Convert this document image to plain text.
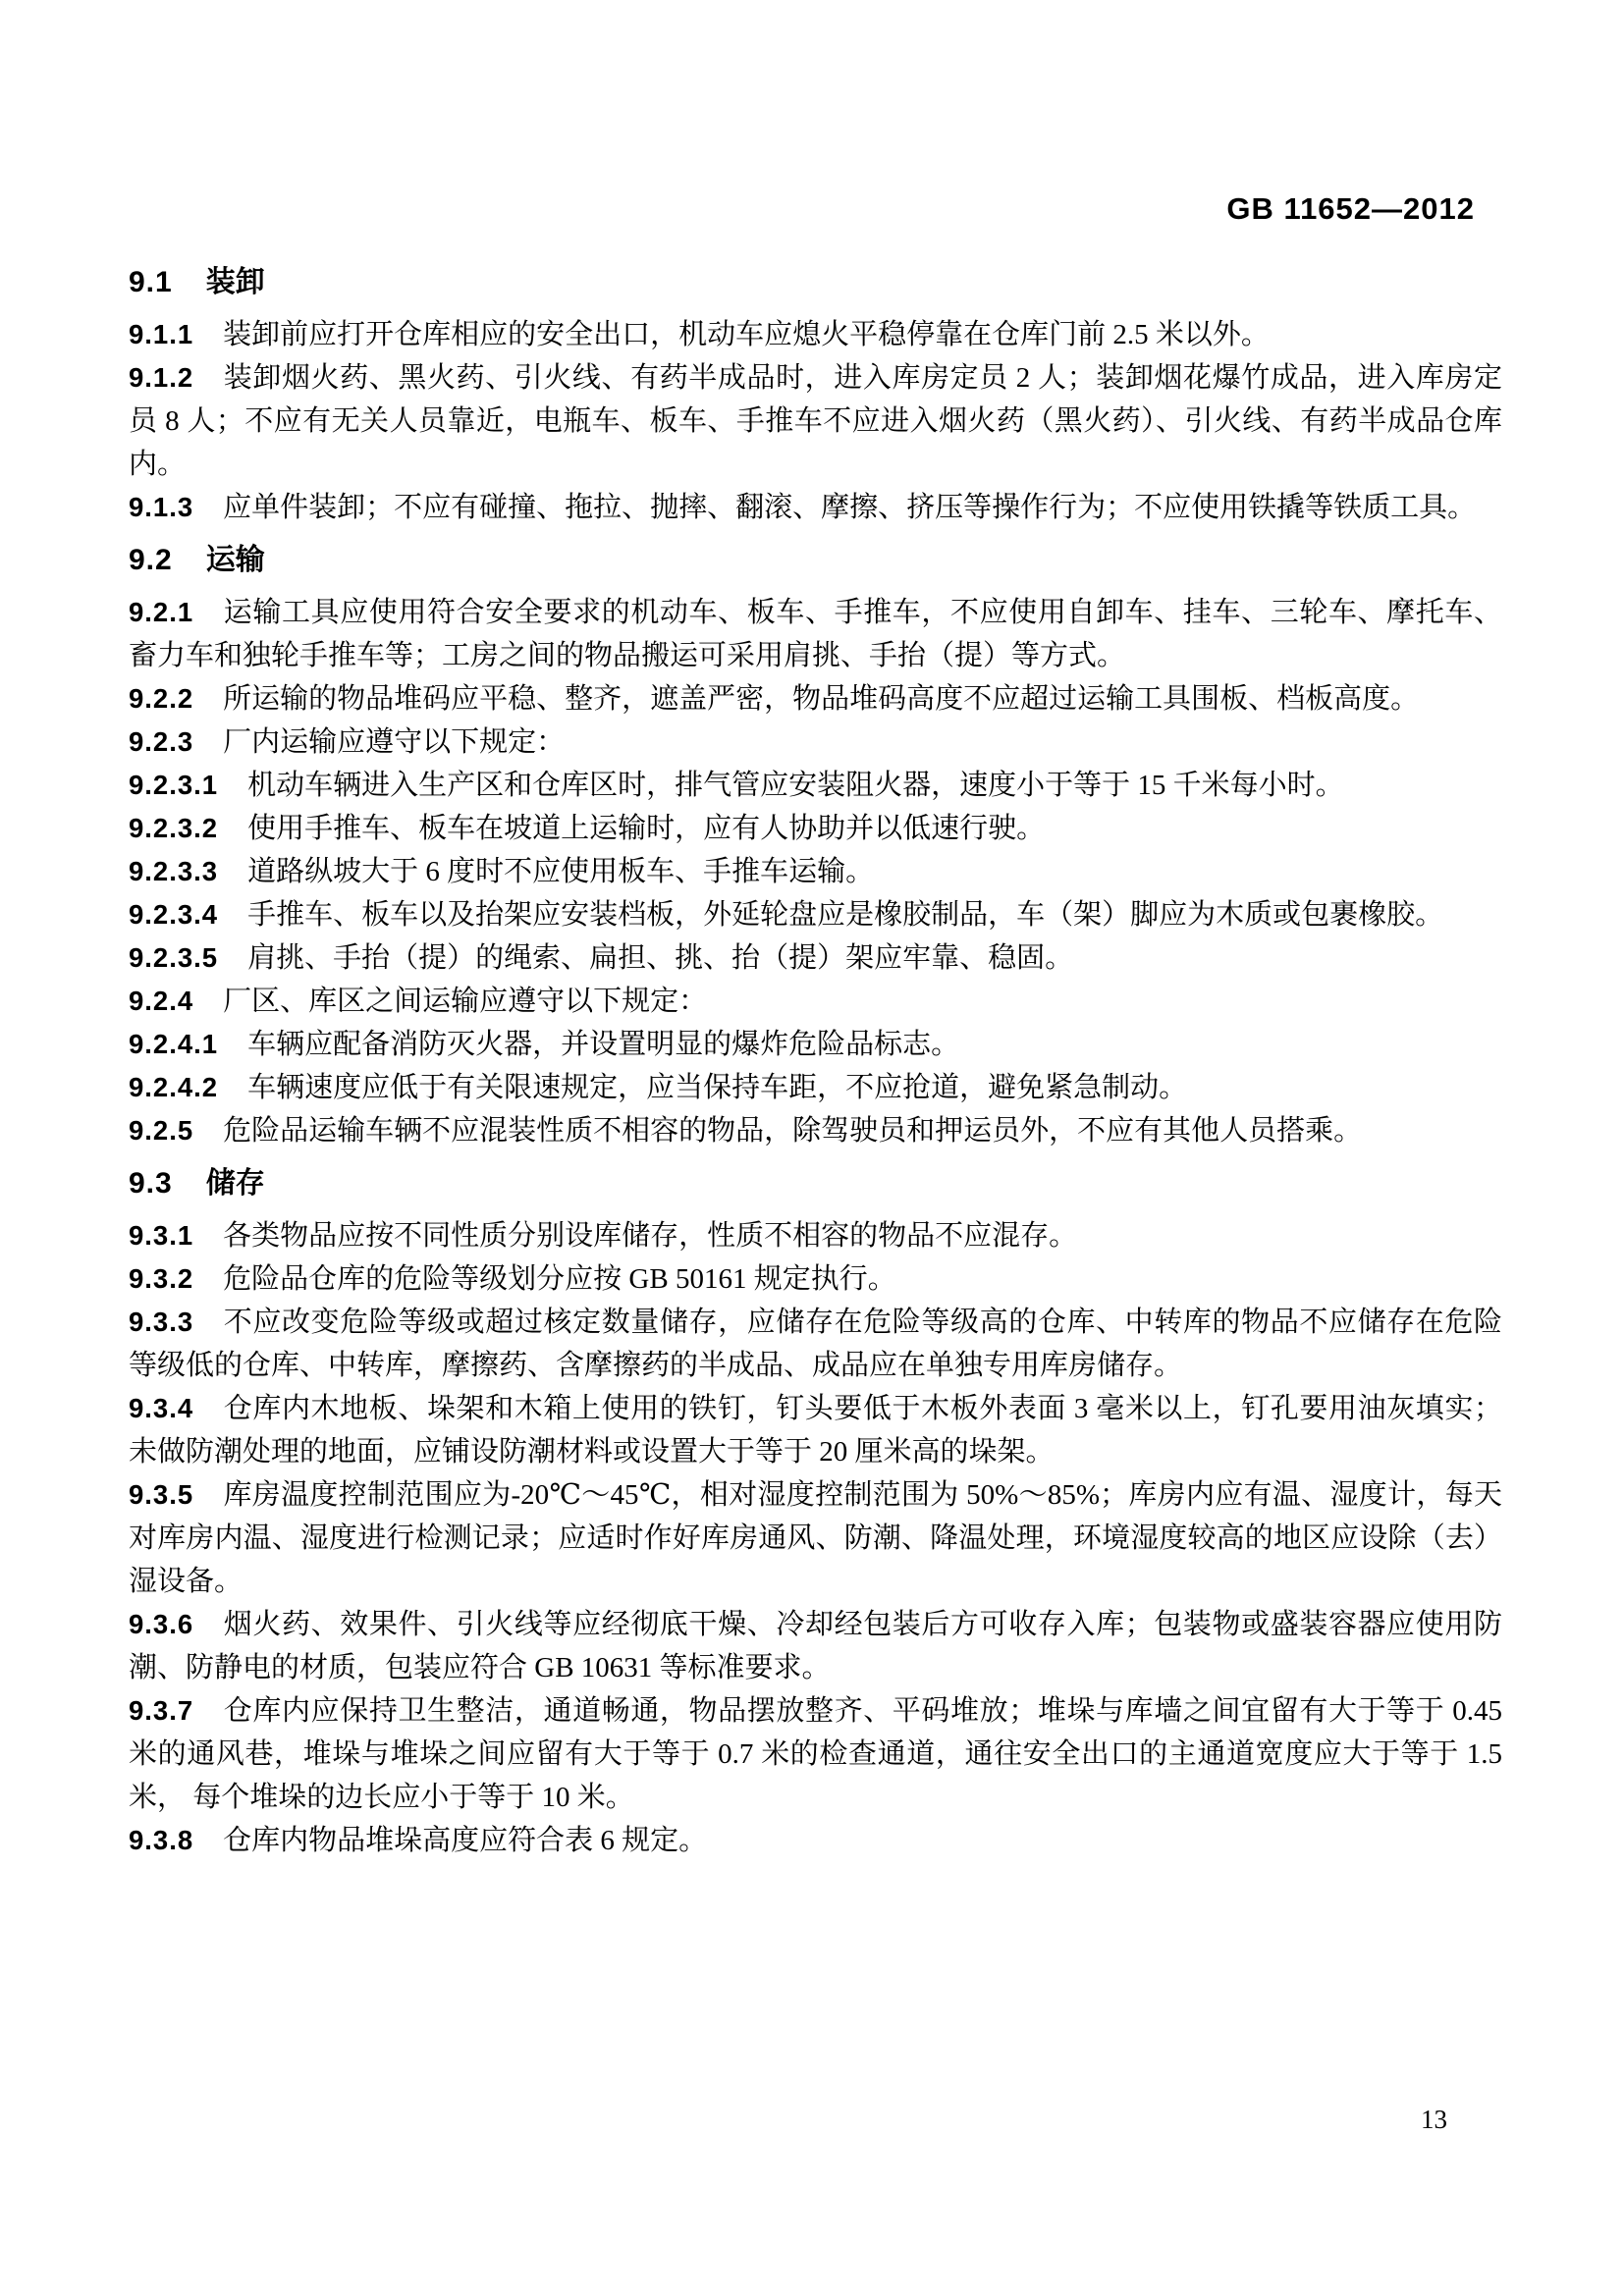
GB 11652—2012

9.1 装卸

9.1.1 装卸前应打开仓库相应的安全出口，机动车应熄火平稳停靠在仓库门前 2.5 米以外。

9.1.2 装卸烟火药、黑火药、引火线、有药半成品时，进入库房定员 2 人；装卸烟花爆竹成品，进入库房定员 8 人；不应有无关人员靠近，电瓶车、板车、手推车不应进入烟火药（黑火药）、引火线、有药半成品仓库内。

9.1.3 应单件装卸；不应有碰撞、拖拉、抛摔、翻滚、摩擦、挤压等操作行为；不应使用铁撬等铁质工具。

9.2 运输

9.2.1 运输工具应使用符合安全要求的机动车、板车、手推车，不应使用自卸车、挂车、三轮车、摩托车、畜力车和独轮手推车等；工房之间的物品搬运可采用肩挑、手抬（提）等方式。

9.2.2 所运输的物品堆码应平稳、整齐，遮盖严密，物品堆码高度不应超过运输工具围板、档板高度。

9.2.3 厂内运输应遵守以下规定：

9.2.3.1 机动车辆进入生产区和仓库区时，排气管应安装阻火器，速度小于等于 15 千米每小时。

9.2.3.2 使用手推车、板车在坡道上运输时，应有人协助并以低速行驶。

9.2.3.3 道路纵坡大于 6 度时不应使用板车、手推车运输。

9.2.3.4 手推车、板车以及抬架应安装档板，外延轮盘应是橡胶制品，车（架）脚应为木质或包裹橡胶。

9.2.3.5 肩挑、手抬（提）的绳索、扁担、挑、抬（提）架应牢靠、稳固。

9.2.4 厂区、库区之间运输应遵守以下规定：

9.2.4.1 车辆应配备消防灭火器，并设置明显的爆炸危险品标志。

9.2.4.2 车辆速度应低于有关限速规定，应当保持车距，不应抢道，避免紧急制动。

9.2.5 危险品运输车辆不应混装性质不相容的物品，除驾驶员和押运员外，不应有其他人员搭乘。

9.3 储存

9.3.1 各类物品应按不同性质分别设库储存，性质不相容的物品不应混存。

9.3.2 危险品仓库的危险等级划分应按 GB 50161 规定执行。

9.3.3 不应改变危险等级或超过核定数量储存，应储存在危险等级高的仓库、中转库的物品不应储存在危险等级低的仓库、中转库，摩擦药、含摩擦药的半成品、成品应在单独专用库房储存。

9.3.4 仓库内木地板、垛架和木箱上使用的铁钉，钉头要低于木板外表面 3 毫米以上，钉孔要用油灰填实；未做防潮处理的地面，应铺设防潮材料或设置大于等于 20 厘米高的垛架。

9.3.5 库房温度控制范围应为-20℃～45℃，相对湿度控制范围为 50%～85%；库房内应有温、湿度计，每天对库房内温、湿度进行检测记录；应适时作好库房通风、防潮、降温处理，环境湿度较高的地区应设除（去）湿设备。

9.3.6 烟火药、效果件、引火线等应经彻底干燥、冷却经包装后方可收存入库；包装物或盛装容器应使用防潮、防静电的材质，包装应符合 GB 10631 等标准要求。

9.3.7 仓库内应保持卫生整洁，通道畅通，物品摆放整齐、平码堆放；堆垛与库墙之间宜留有大于等于 0.45 米的通风巷，堆垛与堆垛之间应留有大于等于 0.7 米的检查通道，通往安全出口的主通道宽度应大于等于 1.5 米， 每个堆垛的边长应小于等于 10 米。

9.3.8 仓库内物品堆垛高度应符合表 6 规定。

13
